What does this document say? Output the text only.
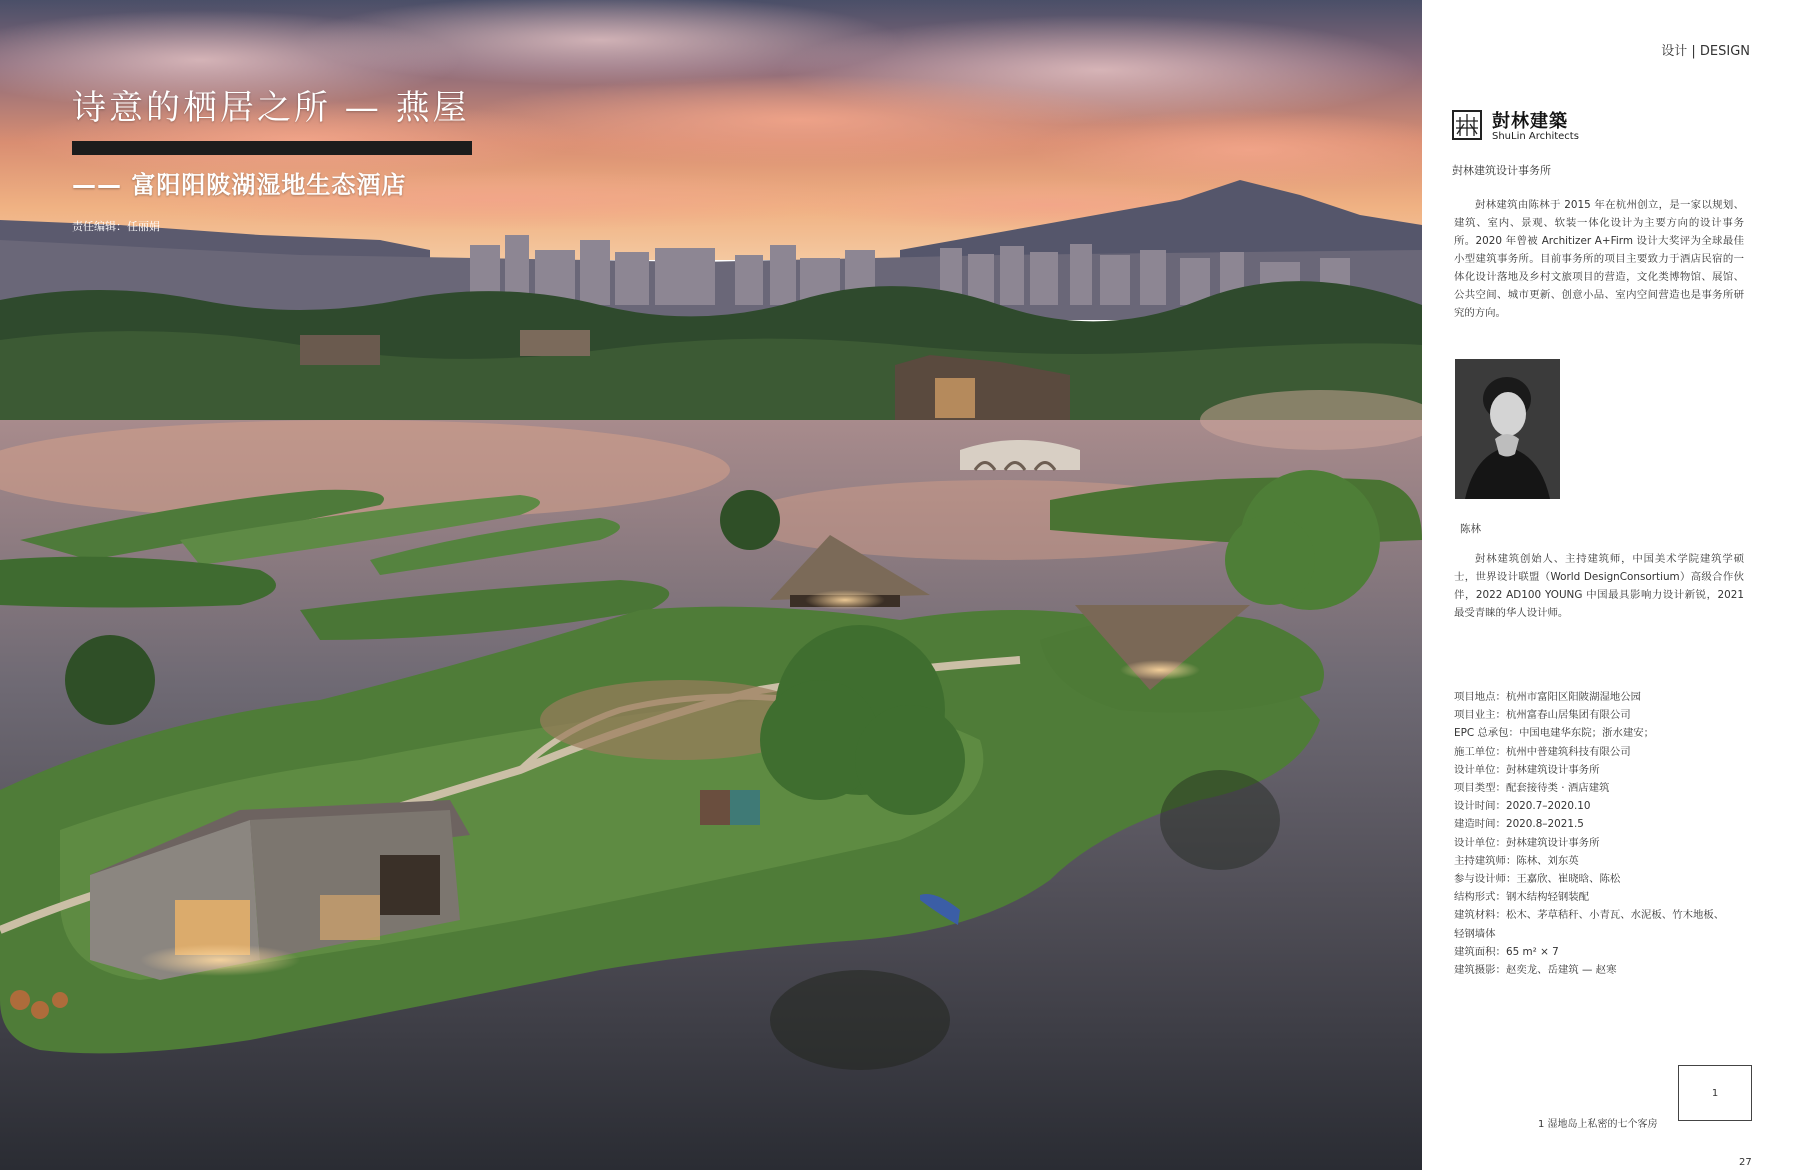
诗意的栖居之所 — 燕屋
—— 富阳阳陂湖湿地生态酒店
责任编辑：任丽娟
设计 | DESIGN
尌林建築
ShuLin Architects
尌林建筑设计事务所
尌林建筑由陈林于 2015 年在杭州创立，是一家以规划、建筑、室内、景观、软装一体化设计为主要方向的设计事务所。2020 年曾被 Architizer A+Firm 设计大奖评为全球最佳小型建筑事务所。目前事务所的项目主要致力于酒店民宿的一体化设计落地及乡村文旅项目的营造，文化类博物馆、展馆、公共空间、城市更新、创意小品、室内空间营造也是事务所研究的方向。
陈林
尌林建筑创始人、主持建筑师，中国美术学院建筑学硕士，世界设计联盟（World DesignConsortium）高级合作伙伴，2022 AD100 YOUNG 中国最具影响力设计新锐，2021 最受青睐的华人设计师。
项目地点：杭州市富阳区阳陂湖湿地公园
项目业主：杭州富春山居集团有限公司
EPC 总承包：中国电建华东院；浙水建安；
施工单位：杭州中普建筑科技有限公司
设计单位：尌林建筑设计事务所
项目类型：配套接待类 · 酒店建筑
设计时间：2020.7–2020.10
建造时间：2020.8–2021.5
设计单位：尌林建筑设计事务所
主持建筑师：陈林、刘东英
参与设计师：王嘉欣、崔晓晗、陈松
结构形式：钢木结构轻钢装配
建筑材料：松木、茅草秸秆、小青瓦、水泥板、竹木地板、
轻钢墙体
建筑面积：65 m² × 7
建筑摄影：赵奕龙、岳建筑 — 赵寒
1
1 湿地岛上私密的七个客房
27
